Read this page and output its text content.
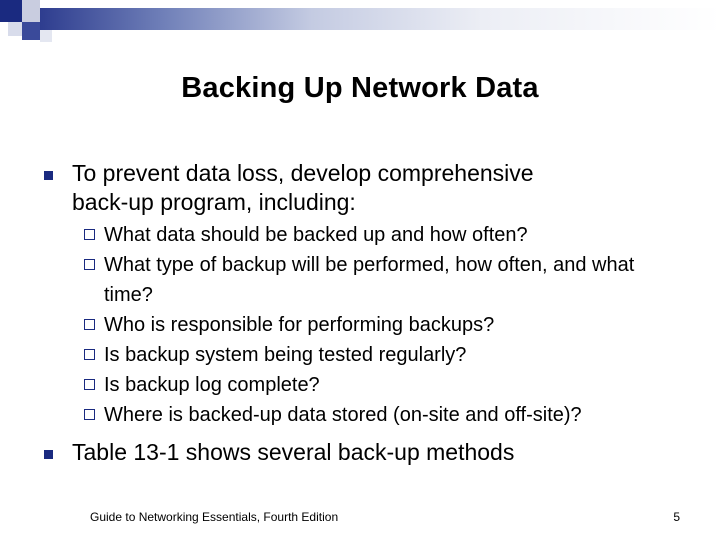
Backing Up Network Data
To prevent data loss, develop comprehensive
back-up program, including:
What data should be backed up and how often?
What type of backup will be performed, how often, and what time?
Who is responsible for performing backups?
Is backup system being tested regularly?
Is backup log complete?
Where is backed-up data stored (on-site and off-site)?
Table 13-1 shows several back-up methods
Guide to Networking Essentials, Fourth Edition	5
